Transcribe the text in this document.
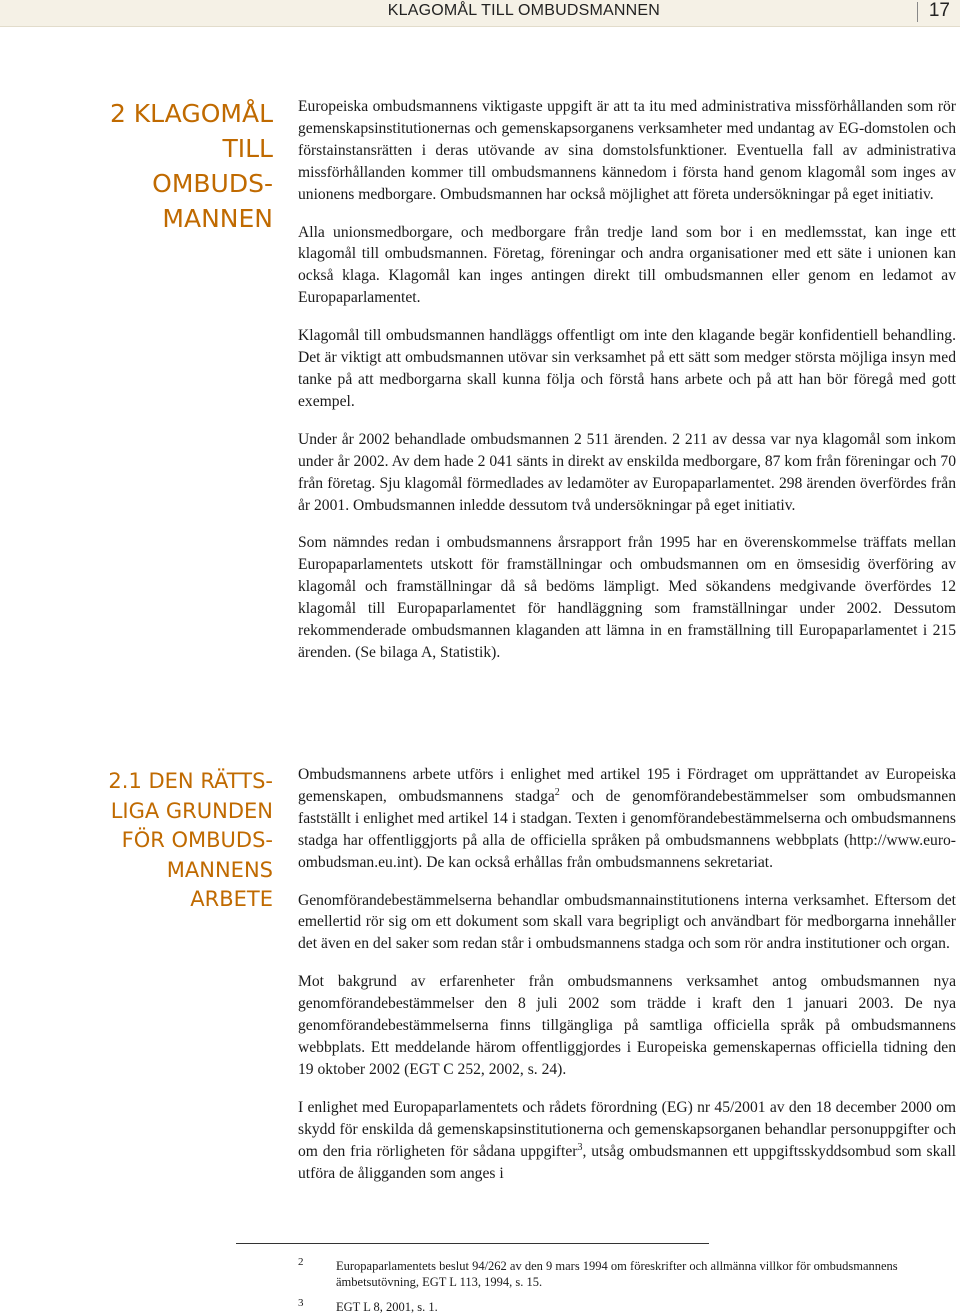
KLAGOMÅL TILL OMBUDSMANNEN	17
2 KLAGOMÅL
TILL
OMBUDS-
MANNEN

Europeiska ombudsmannens viktigaste uppgift är att ta itu med administrativa missförhållanden som rör gemenskapsinstitutionernas och gemenskapsorganens verksamheter med undantag av EG-domstolen och förstainstansrätten i deras utövande av sina domstolsfunktioner. Eventuella fall av administrativa missförhållanden kommer till ombudsmannens kännedom i första hand genom klagomål som inges av unionens medborgare. Ombudsmannen har också möjlighet att företa undersökningar på eget initiativ.

Alla unionsmedborgare, och medborgare från tredje land som bor i en medlemsstat, kan inge ett klagomål till ombudsmannen. Företag, föreningar och andra organisationer med ett säte i unionen kan också klaga. Klagomål kan inges antingen direkt till ombudsmannen eller genom en ledamot av Europaparlamentet.

Klagomål till ombudsmannen handläggs offentligt om inte den klagande begär konfidentiell behandling. Det är viktigt att ombudsmannen utövar sin verksamhet på ett sätt som medger största möjliga insyn med tanke på att medborgarna skall kunna följa och förstå hans arbete och på att han bör föregå med gott exempel.

Under år 2002 behandlade ombudsmannen 2 511 ärenden. 2 211 av dessa var nya klagomål som inkom under år 2002. Av dem hade 2 041 sänts in direkt av enskilda medborgare, 87 kom från föreningar och 70 från företag. Sju klagomål förmedlades av ledamöter av Europaparlamentet. 298 ärenden överfördes från år 2001. Ombudsmannen inledde dessutom två undersökningar på eget initiativ.

Som nämndes redan i ombudsmannens årsrapport från 1995 har en överenskommelse träffats mellan Europaparlamentets utskott för framställningar och ombudsmannen om en ömsesidig överföring av klagomål och framställningar då så bedöms lämpligt. Med sökandens medgivande överfördes 12 klagomål till Europaparlamentet för handläggning som framställningar under 2002. Dessutom rekommenderade ombudsmannen klaganden att lämna in en framställning till Europaparlamentet i 215 ärenden. (Se bilaga A, Statistik).

2.1 DEN RÄTTS-
LIGA GRUNDEN
FÖR OMBUDS-
MANNENS
ARBETE

Ombudsmannens arbete utförs i enlighet med artikel 195 i Fördraget om upprättandet av Europeiska gemenskapen, ombudsmannens stadga$^2$ och de genomförandebestämmelser som ombudsmannen fastställt i enlighet med artikel 14 i stadgan. Texten i genomförandebestämmelserna och ombudsmannens stadga har offentliggjorts på alla de officiella språken på ombudsmannens webbplats (http://www.euro-ombudsman.eu.int). De kan också erhållas från ombudsmannens sekretariat.

Genomförandebestämmelserna behandlar ombudsmannainstitutionens interna verksamhet. Eftersom det emellertid rör sig om ett dokument som skall vara begripligt och användbart för medborgarna innehåller det även en del saker som redan står i ombudsmannens stadga och som rör andra institutioner och organ.

Mot bakgrund av erfarenheter från ombudsmannens verksamhet antog ombudsmannen nya genomförandebestämmelser den 8 juli 2002 som trädde i kraft den 1 januari 2003. De nya genomförandebestämmelserna finns tillgängliga på samtliga officiella språk på ombudsmannens webbplats. Ett meddelande härom offentliggjordes i Europeiska gemenskapernas officiella tidning den 19 oktober 2002 (EGT C 252, 2002, s. 24).

I enlighet med Europaparlamentets och rådets förordning (EG) nr 45/2001 av den 18 december 2000 om skydd för enskilda då gemenskapsinstitutionerna och gemenskapsorganen behandlar personuppgifter och om den fria rörligheten för sådana uppgifter$^3$, utsåg ombudsmannen ett uppgiftsskyddsombud som skall utföra de åligganden som anges i

2	Europaparlamentets beslut 94/262 av den 9 mars 1994 om föreskrifter och allmänna villkor för ombudsmannens ämbetsutövning, EGT L 113, 1994, s. 15.
3	EGT L 8, 2001, s. 1.
